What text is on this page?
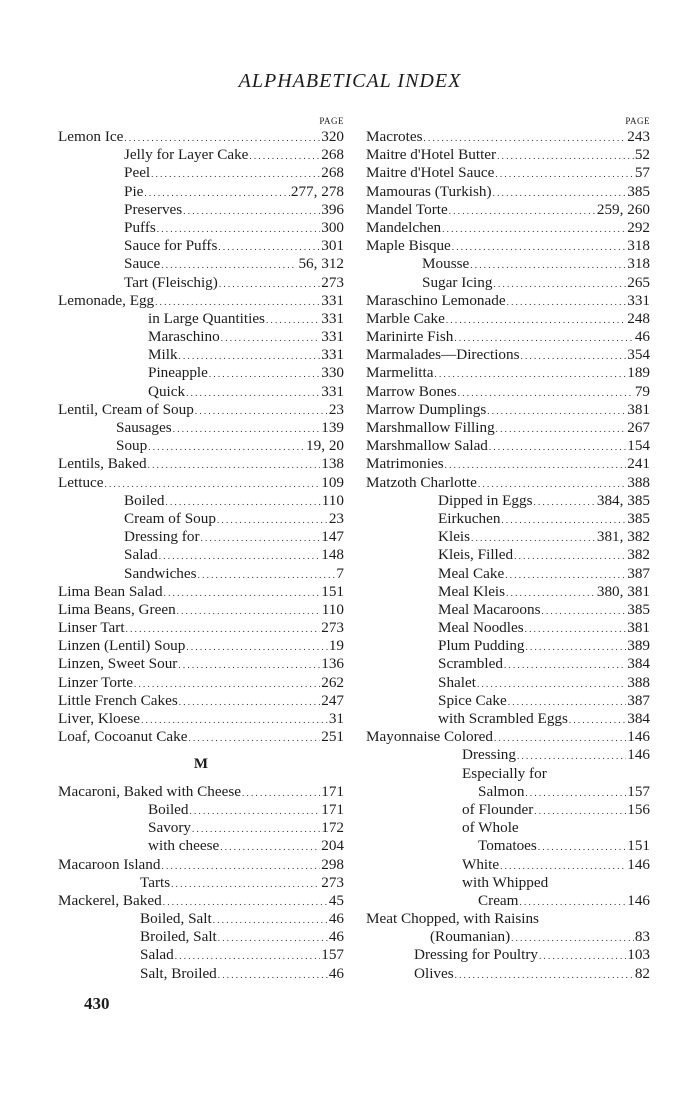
ALPHABETICAL INDEX
PAGE
Lemon Ice . . .	320
Jelly for Layer Cake . . .	268
Peel . . .	268
Pie . . .	277, 278
Preserves . . .	396
Puffs . . .	300
Sauce for Puffs . . .	301
Sauce . . .	56, 312
Tart (Fleischig) . . .	273
Lemonade, Egg . . .	331
in Large Quantities . . .	331
Maraschino . . .	331
Milk . . .	331
Pineapple . . .	330
Quick . . .	331
Lentil, Cream of Soup . . .	23
Sausages . . .	139
Soup . . .	19, 20
Lentils, Baked . . .	138
Lettuce . . .	109
Boiled . . .	110
Cream of Soup . . .	23
Dressing for . . .	147
Salad . . .	148
Sandwiches . . .	7
Lima Bean Salad . . .	151
Lima Beans, Green . . .	110
Linser Tart . . .	273
Linzen (Lentil) Soup . . .	19
Linzen, Sweet Sour . . .	136
Linzer Torte . . .	262
Little French Cakes . . .	247
Liver, Kloese . . .	31
Loaf, Cocoanut Cake . . .	251
M
Macaroni, Baked with Cheese . . .	171
Boiled . . .	171
Savory . . .	172
with cheese . . .	204
Macaroon Island . . .	298
Tarts . . .	273
Mackerel, Baked . . .	45
Boiled, Salt . . .	46
Broiled, Salt . . .	46
Salad . . .	157
Salt, Broiled . . .	46
PAGE
Macrotes . . .	243
Maitre d'Hotel Butter . . .	52
Maitre d'Hotel Sauce . . .	57
Mamouras (Turkish) . . .	385
Mandel Torte . . .	259, 260
Mandelchen . . .	292
Maple Bisque . . .	318
Mousse . . .	318
Sugar Icing . . .	265
Maraschino Lemonade . . .	331
Marble Cake . . .	248
Marinirte Fish . . .	46
Marmalades—Directions . . .	354
Marmelitta . . .	189
Marrow Bones . . .	79
Marrow Dumplings . . .	381
Marshmallow Filling . . .	267
Marshmallow Salad . . .	154
Matrimonies . . .	241
Matzoth Charlotte . . .	388
Dipped in Eggs . . .	384, 385
Eirkuchen . . .	385
Kleis . . .	381, 382
Kleis, Filled . . .	382
Meal Cake . . .	387
Meal Kleis . . .	380, 381
Meal Macaroons . . .	385
Meal Noodles . . .	381
Plum Pudding . . .	389
Scrambled . . .	384
Shalet . . .	388
Spice Cake . . .	387
with Scrambled Eggs . . .	384
Mayonnaise Colored . . .	146
Dressing . . .	146
Especially for
Salmon . . .	157
of Flounder . . .	156
of Whole
Tomatoes . . .	151
White . . .	146
with Whipped
Cream . . .	146
Meat Chopped, with Raisins
(Roumanian) . . .	83
Dressing for Poultry . . .	103
Olives . . .	82
430
